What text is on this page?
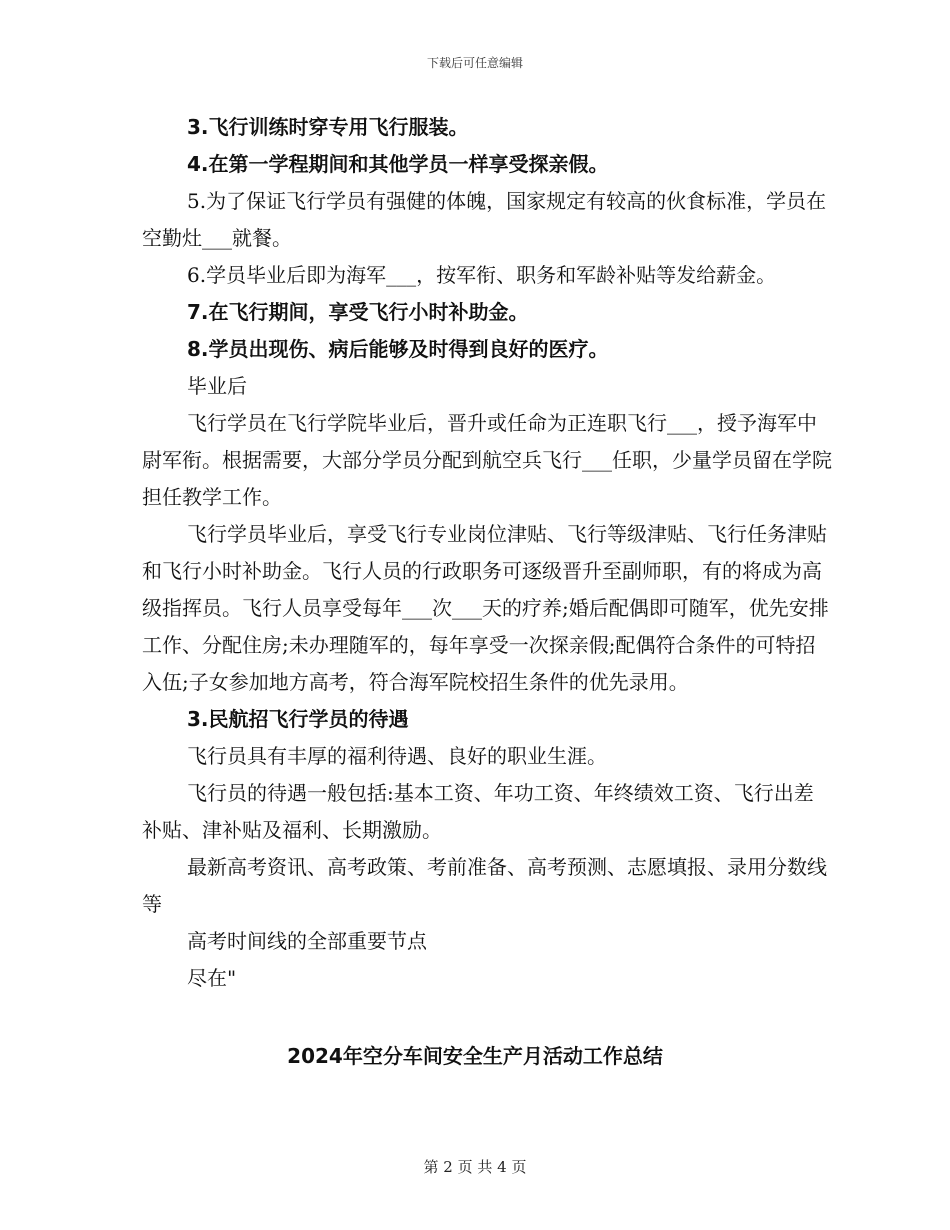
下载后可任意编辑

3.飞行训练时穿专用飞行服装。

4.在第一学程期间和其他学员一样享受探亲假。

5.为了保证飞行学员有强健的体魄，国家规定有较高的伙食标准，学员在空勤灶___就餐。

6.学员毕业后即为海军___，按军衔、职务和军龄补贴等发给薪金。

7.在飞行期间，享受飞行小时补助金。

8.学员出现伤、病后能够及时得到良好的医疗。

毕业后

飞行学员在飞行学院毕业后，晋升或任命为正连职飞行___，授予海军中尉军衔。根据需要，大部分学员分配到航空兵飞行___任职，少量学员留在学院担任教学工作。

飞行学员毕业后，享受飞行专业岗位津贴、飞行等级津贴、飞行任务津贴和飞行小时补助金。飞行人员的行政职务可逐级晋升至副师职，有的将成为高级指挥员。飞行人员享受每年___次___天的疗养;婚后配偶即可随军，优先安排工作、分配住房;未办理随军的，每年享受一次探亲假;配偶符合条件的可特招入伍;子女参加地方高考，符合海军院校招生条件的优先录用。

3.民航招飞行学员的待遇

飞行员具有丰厚的福利待遇、良好的职业生涯。

飞行员的待遇一般包括:基本工资、年功工资、年终绩效工资、飞行出差补贴、津补贴及福利、长期激励。

最新高考资讯、高考政策、考前准备、高考预测、志愿填报、录用分数线等

高考时间线的全部重要节点

尽在"

2024年空分车间安全生产月活动工作总结
第 2 页 共 4 页
